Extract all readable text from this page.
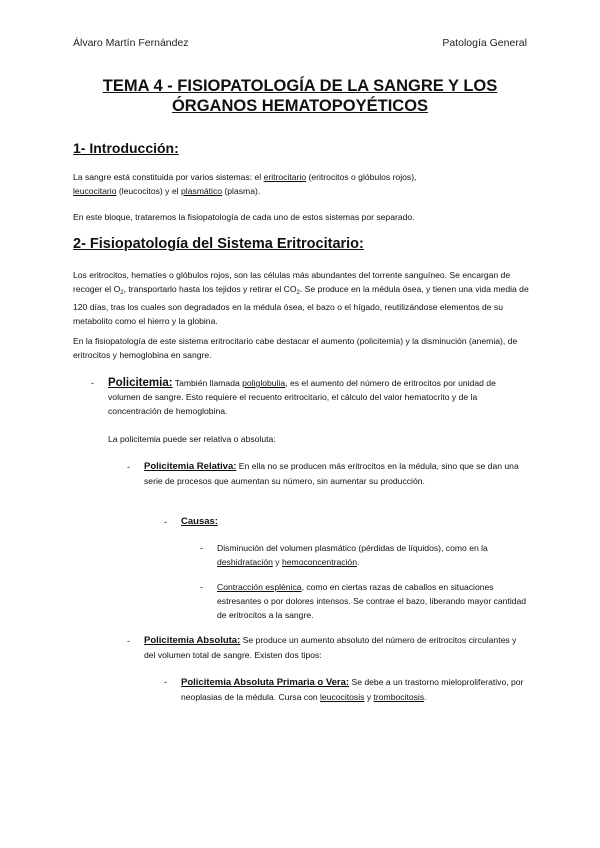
Álvaro Martín Fernández	Patología General
TEMA 4 - FISIOPATOLOGÍA DE LA SANGRE Y LOS ÓRGANOS HEMATOPOYÉTICOS
1- Introducción:
La sangre está constituida por varios sistemas: el eritrocitario (eritrocitos o glóbulos rojos),
leucocitario (leucocitos) y el plasmático (plasma).
En este bloque, trataremos la fisiopatología de cada uno de estos sistemas por separado.
2- Fisiopatología del Sistema Eritrocitario:
Los eritrocitos, hematíes o glóbulos rojos, son las células más abundantes del torrente sanguíneo. Se encargan de recoger el $O_2$, transportarlo hasta los tejidos y retirar el $CO_2$. Se produce en la médula ósea, y tienen una vida media de 120 días, tras los cuales son degradados en la médula ósea, el bazo o el hígado, reutilizándose elementos de su metabolito como el hierro y la globina.
En la fisiopatología de este sistema eritrocitario cabe destacar el aumento (policitemia) y la disminución (anemia), de eritrocitos y hemoglobina en sangre.
- Policitemia: También llamada poliglobulia, es el aumento del número de eritrocitos por unidad de volumen de sangre. Esto requiere el recuento eritrocitario, el cálculo del valor hematocrito y de la concentración de hemoglobina.
La policitemia puede ser relativa o absoluta:
- Policitemia Relativa: En ella no se producen más eritrocitos en la médula, sino que se dan una serie de procesos que aumentan su número, sin aumentar su producción.
- Causas:
- Disminución del volumen plasmático (pérdidas de líquidos), como en la deshidratación y hemoconcentración.
- Contracción esplénica, como en ciertas razas de caballos en situaciones estresantes o por dolores intensos. Se contrae el bazo, liberando mayor cantidad de eritrocitos a la sangre.
- Policitemia Absoluta: Se produce un aumento absoluto del número de eritrocitos circulantes y del volumen total de sangre. Existen dos tipos:
- Policitemia Absoluta Primaria o Vera: Se debe a un trastorno mieloproliferativo, por neoplasias de la médula. Cursa con leucocitosis y trombocitosis.
